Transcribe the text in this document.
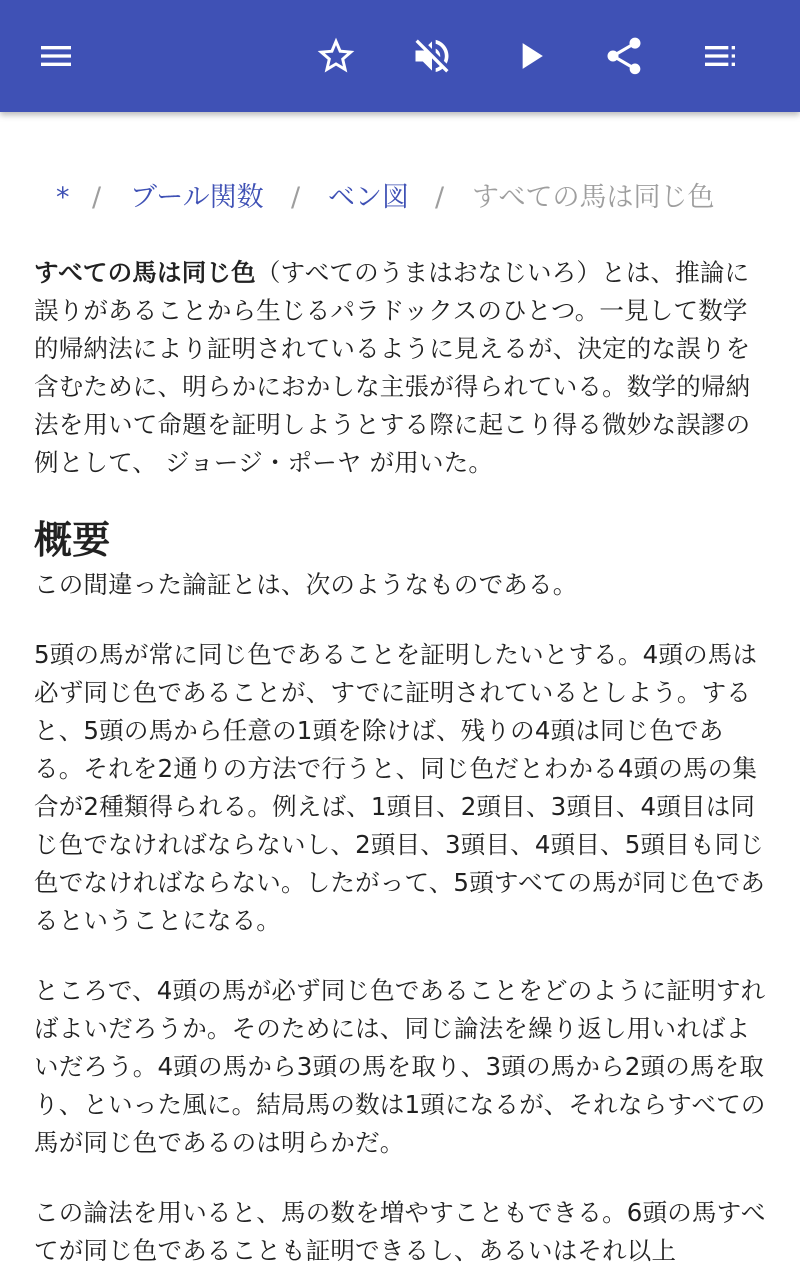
* / ブール関数 / ベン図 / すべての馬は同じ色

すべての馬は同じ色（すべてのうまはおなじいろ）とは、推論に誤りがあることから生じるパラドックスのひとつ。一見して数学的帰納法により証明されているように見えるが、決定的な誤りを含むために、明らかにおかしな主張が得られている。数学的帰納法を用いて命題を証明しようとする際に起こり得る微妙な誤謬の例として、 ジョージ・ポーヤ が用いた。

概要

この間違った論証とは、次のようなものである。

5頭の馬が常に同じ色であることを証明したいとする。4頭の馬は必ず同じ色であることが、すでに証明されているとしよう。すると、5頭の馬から任意の1頭を除けば、残りの4頭は同じ色である。それを2通りの方法で行うと、同じ色だとわかる4頭の馬の集合が2種類得られる。例えば、1頭目、2頭目、3頭目、4頭目は同じ色でなければならないし、2頭目、3頭目、4頭目、5頭目も同じ色でなければならない。したがって、5頭すべての馬が同じ色であるということになる。

ところで、4頭の馬が必ず同じ色であることをどのように証明すればよいだろうか。そのためには、同じ論法を繰り返し用いればよいだろう。4頭の馬から3頭の馬を取り、3頭の馬から2頭の馬を取り、といった風に。結局馬の数は1頭になるが、それならすべての馬が同じ色であるのは明らかだ。

この論法を用いると、馬の数を増やすこともできる。6頭の馬すべてが同じ色であることも証明できるし、あるいはそれ以上
